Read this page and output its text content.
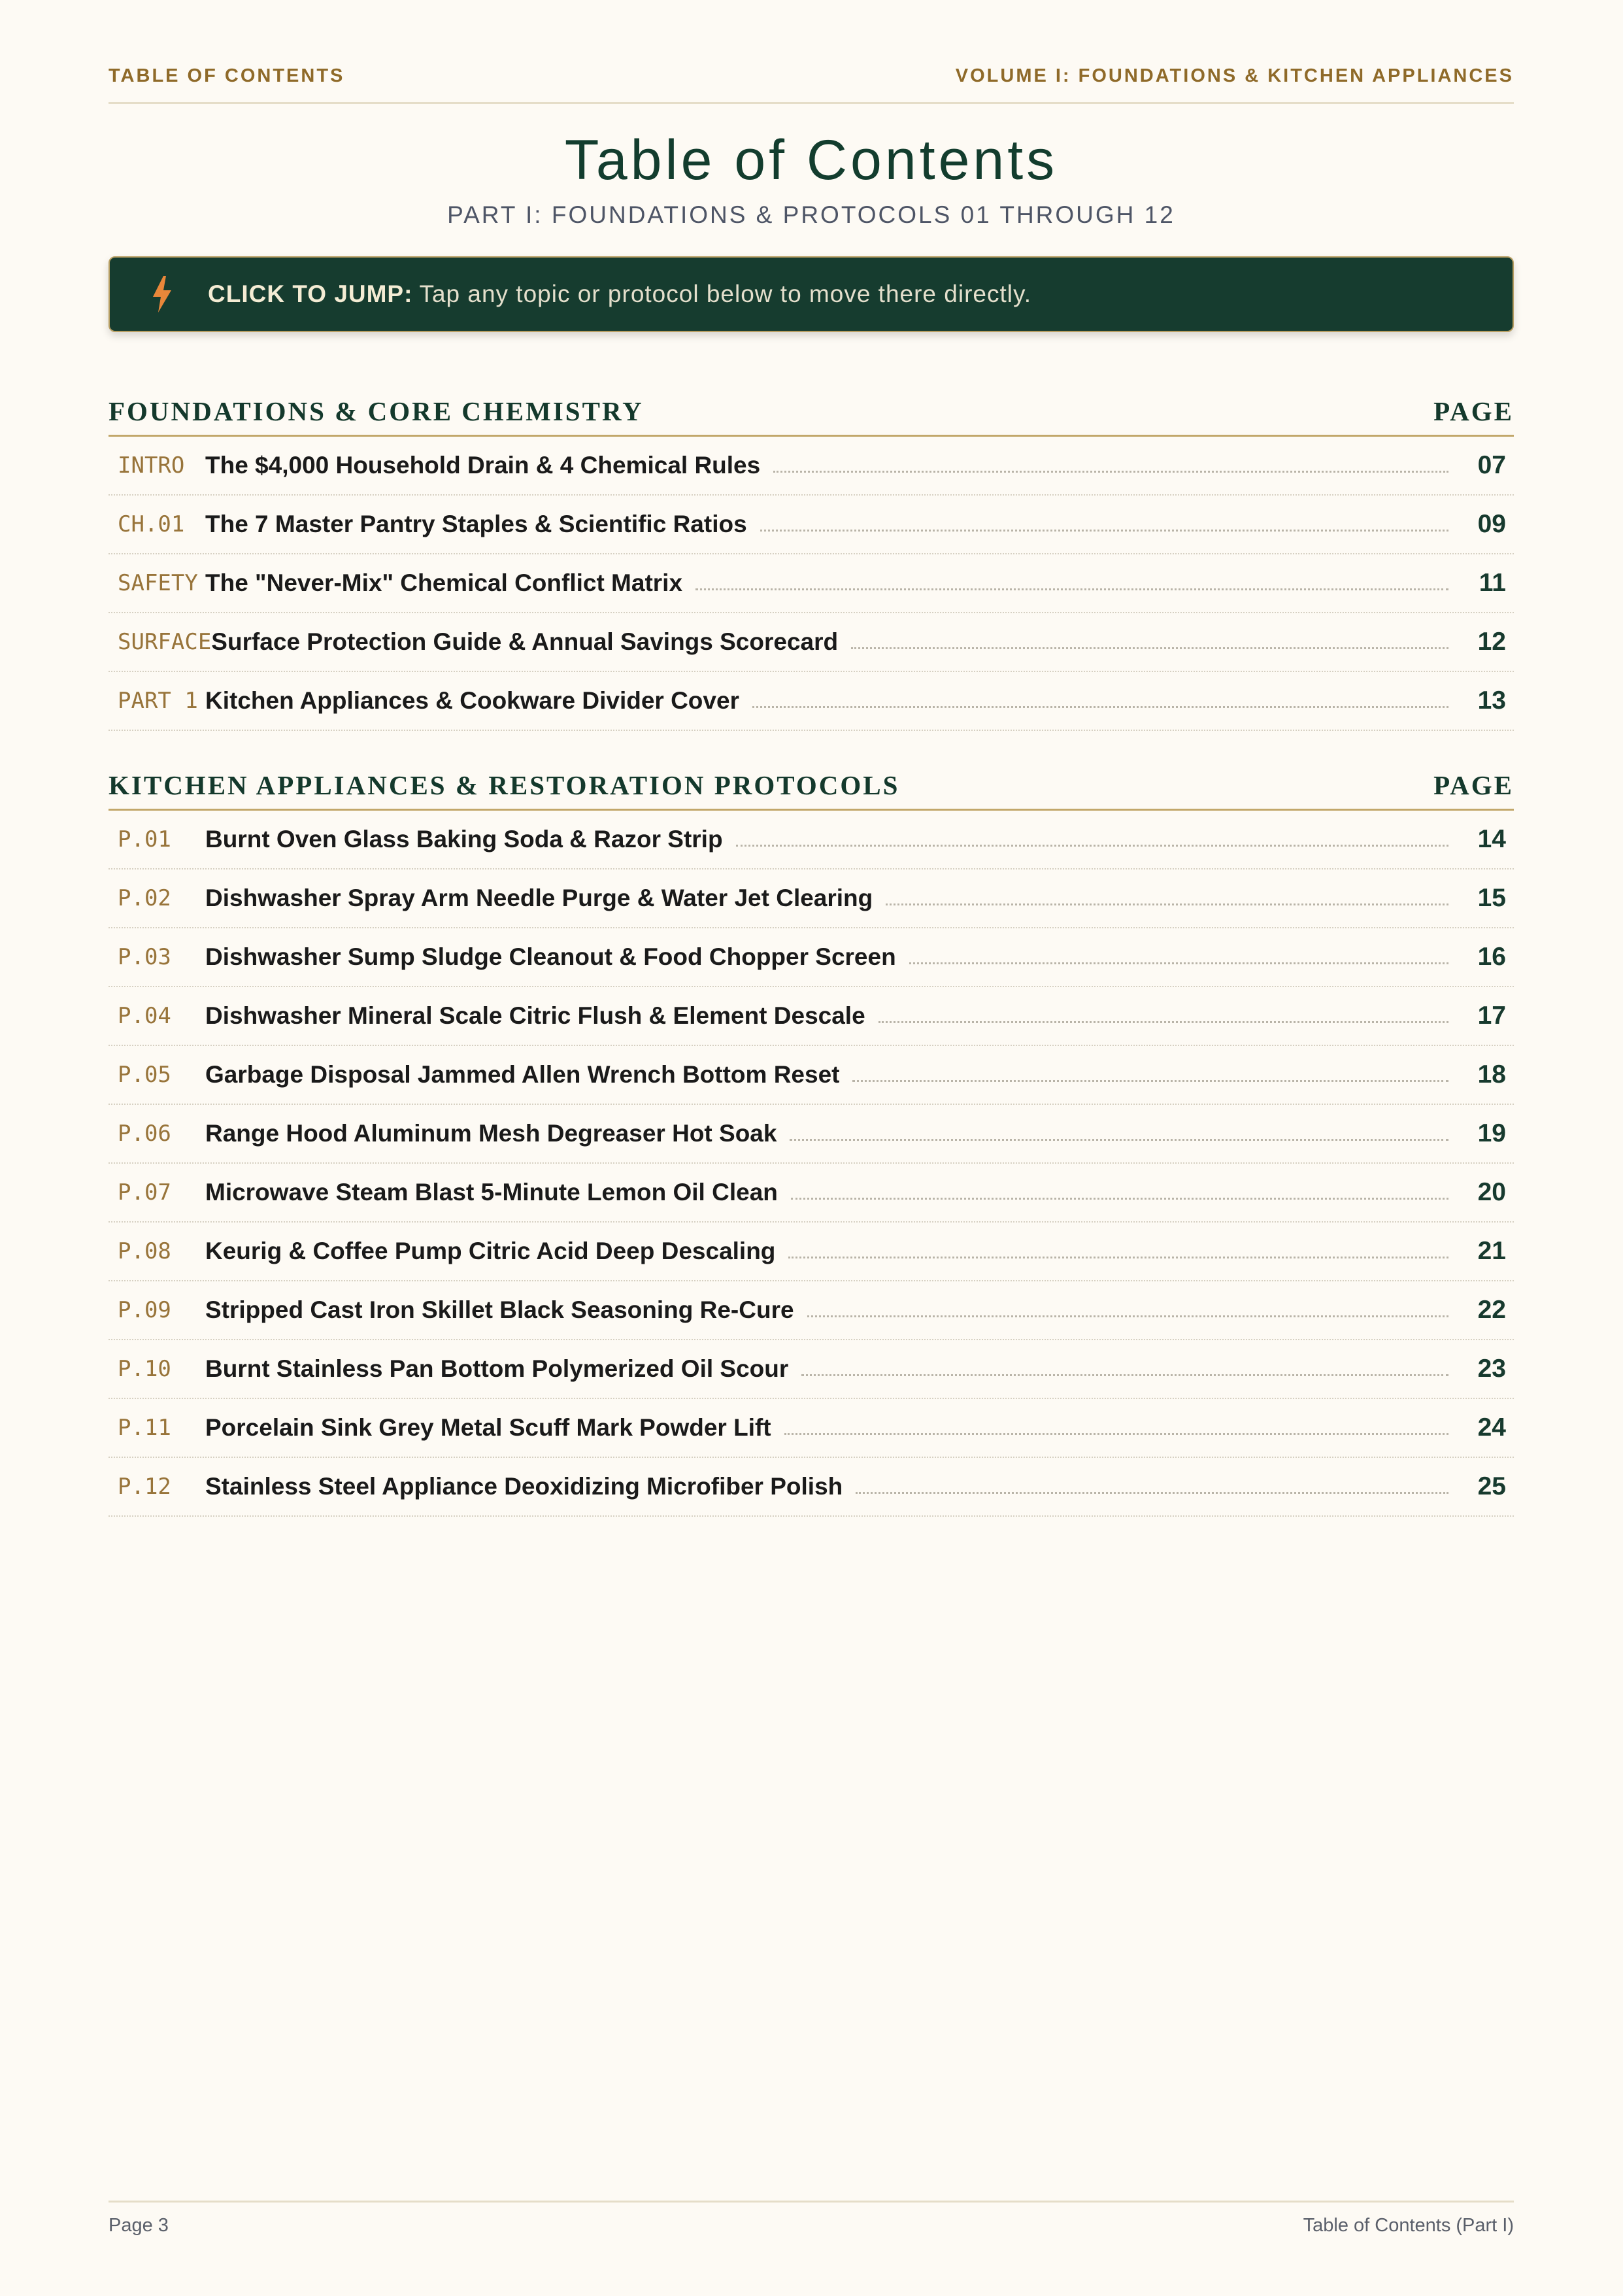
TABLE OF CONTENTS	VOLUME I: FOUNDATIONS & KITCHEN APPLIANCES
Table of Contents
PART I: FOUNDATIONS & PROTOCOLS 01 THROUGH 12
CLICK TO JUMP: Tap any topic or protocol below to move there directly.
FOUNDATIONS & CORE CHEMISTRY	PAGE
INTRO The $4,000 Household Drain & 4 Chemical Rules	07
CH.01 The 7 Master Pantry Staples & Scientific Ratios	09
SAFETY The "Never-Mix" Chemical Conflict Matrix	11
SURFACE Surface Protection Guide & Annual Savings Scorecard	12
PART 1 Kitchen Appliances & Cookware Divider Cover	13
KITCHEN APPLIANCES & RESTORATION PROTOCOLS	PAGE
P.01	Burnt Oven Glass Baking Soda & Razor Strip	14
P.02	Dishwasher Spray Arm Needle Purge & Water Jet Clearing	15
P.03	Dishwasher Sump Sludge Cleanout & Food Chopper Screen	16
P.04	Dishwasher Mineral Scale Citric Flush & Element Descale	17
P.05	Garbage Disposal Jammed Allen Wrench Bottom Reset	18
P.06	Range Hood Aluminum Mesh Degreaser Hot Soak	19
P.07	Microwave Steam Blast 5-Minute Lemon Oil Clean	20
P.08	Keurig & Coffee Pump Citric Acid Deep Descaling	21
P.09	Stripped Cast Iron Skillet Black Seasoning Re-Cure	22
P.10	Burnt Stainless Pan Bottom Polymerized Oil Scour	23
P.11	Porcelain Sink Grey Metal Scuff Mark Powder Lift	24
P.12	Stainless Steel Appliance Deoxidizing Microfiber Polish	25
Page 3	Table of Contents (Part I)
